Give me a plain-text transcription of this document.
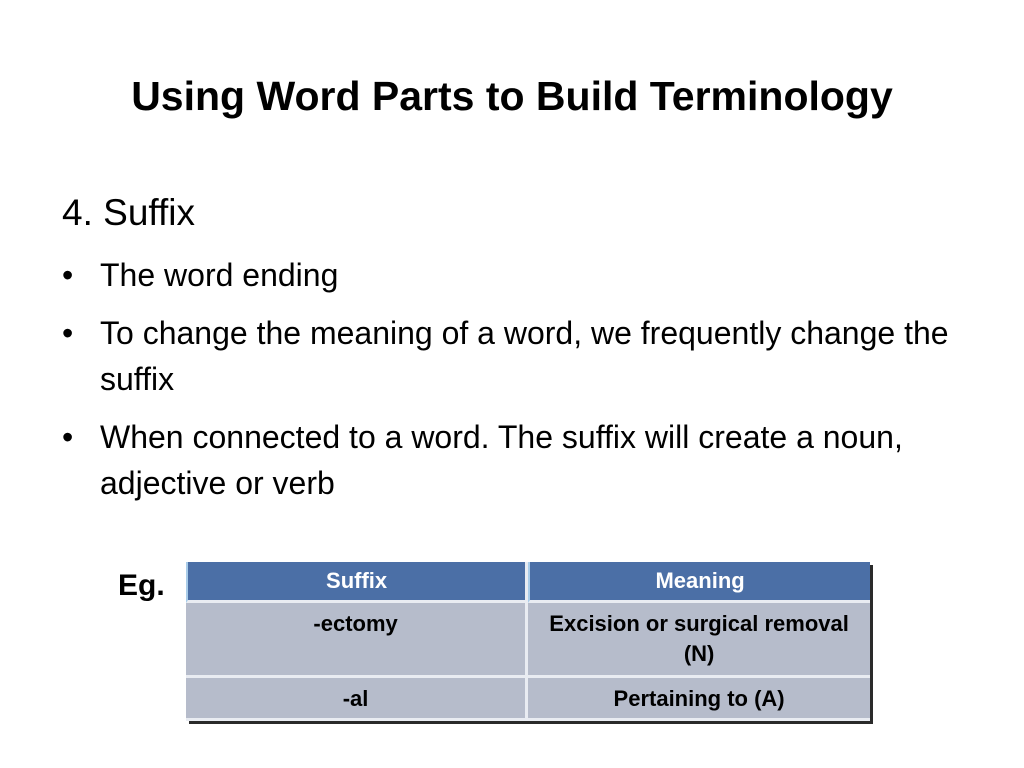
Using Word Parts to Build Terminology
4. Suffix
• The word ending
• To change the meaning of a word, we frequently change the suffix
• When connected to a word. The suffix will create a noun, adjective or verb
Eg.	Suffix	Meaning
-ectomy	Excision or surgical removal (N)
-al	Pertaining to (A)
